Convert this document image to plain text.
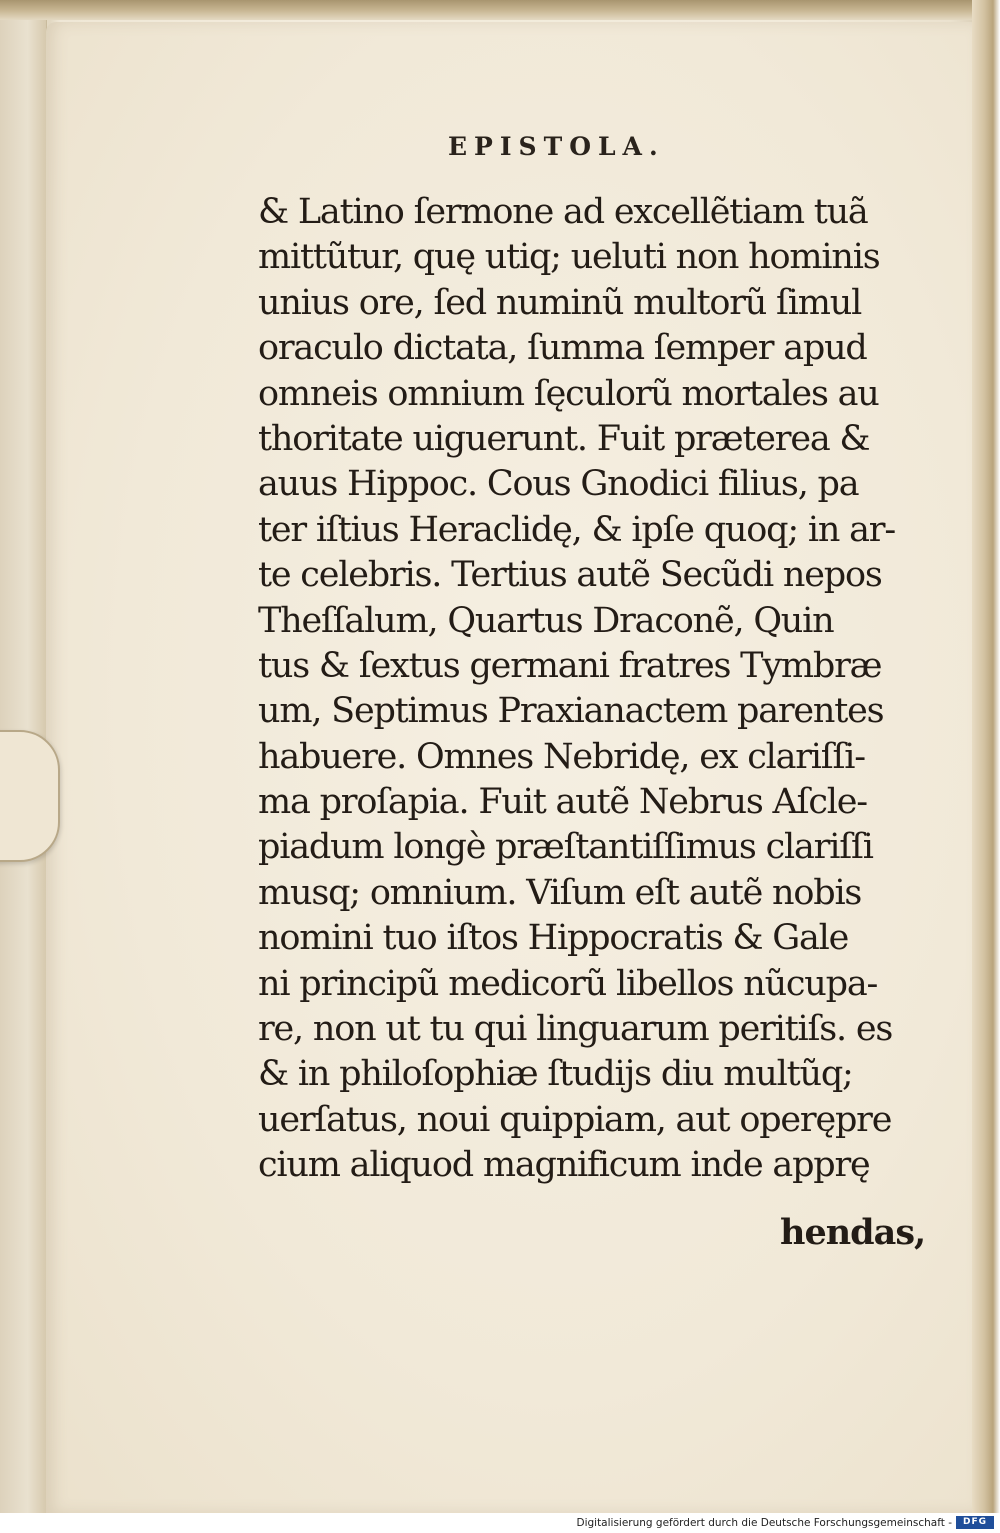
EPISTOLA.
& Latino ſermone ad excellẽtiam tuã
mittũtur, quę utiq; ueluti non hominis
unius ore, ſed numinũ multorũ ſimul
oraculo dictata, ſumma ſemper apud
omneis omnium ſęculorũ mortales au
thoritate uiguerunt. Fuit prӕterea &
auus Hippoc. Cous Gnodici filius, pa
ter iſtius Heraclidę, & ipſe quoq; in ar-
te celebris. Tertius autẽ Secũdi nepos
Theſſalum, Quartus Draconẽ, Quin
tus & ſextus germani fratres Tymbrӕ
um, Septimus Praxianactem parentes
habuere. Omnes Nebridę, ex clariſſi-
ma proſapia. Fuit autẽ Nebrus Aſcle-
piadum longè prӕſtantiſſimus clariſſi
musq; omnium. Viſum eſt autẽ nobis
nomini tuo iſtos Hippocratis & Gale
ni principũ medicorũ libellos nũcupa-
re, non ut tu qui linguarum peritiſs. es
& in philoſophiӕ ſtudijs diu multũq;
uerſatus, noui quippiam, aut operępre
cium aliquod magnificum inde apprę
hendas,
Digitalisierung gefördert durch die Deutsche Forschungsgemeinschaft -	DFG
